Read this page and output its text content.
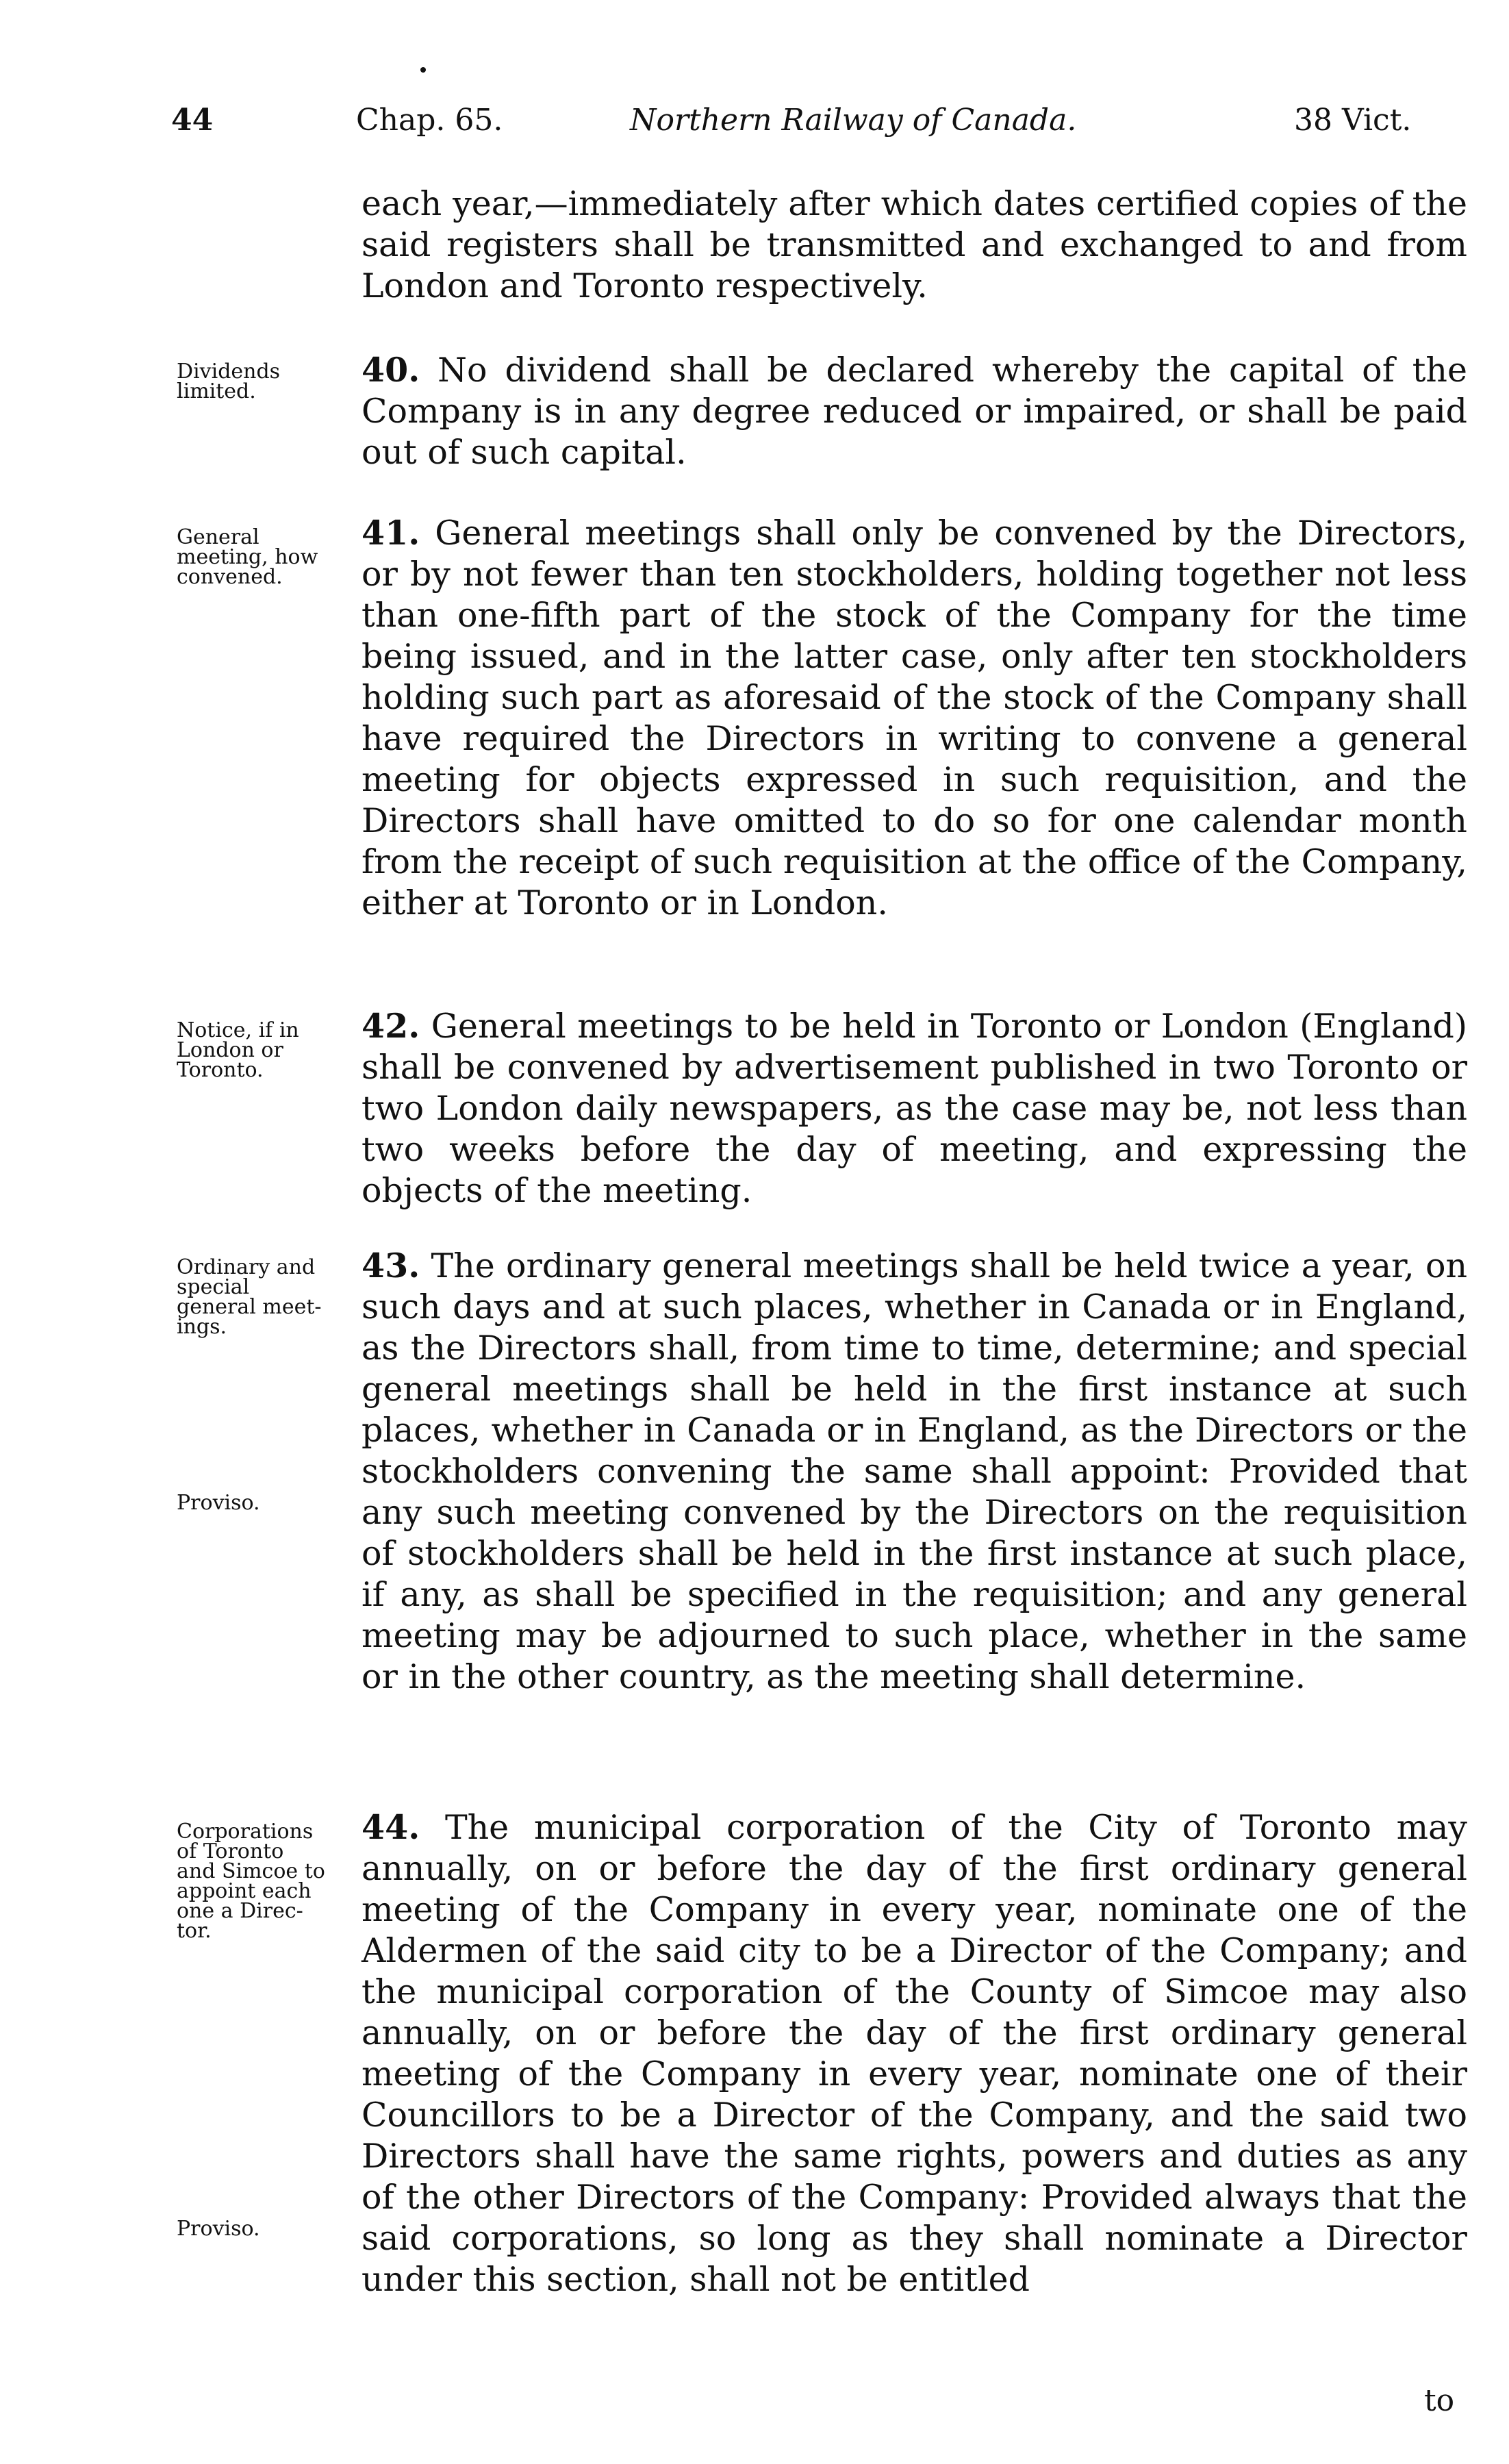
44	Chap. 65.	Northern Railway of Canada.	38 Vict.

each year,—immediately after which dates certified copies of the said registers shall be transmitted and exchanged to and from London and Toronto respectively.

Dividends
limited.

40. No dividend shall be declared whereby the capital of the Company is in any degree reduced or impaired, or shall be paid out of such capital.

General
meeting, how
convened.

41. General meetings shall only be convened by the Directors, or by not fewer than ten stockholders, holding together not less than one-fifth part of the stock of the Company for the time being issued, and in the latter case, only after ten stockholders holding such part as aforesaid of the stock of the Company shall have required the Directors in writing to convene a general meeting for objects expressed in such requisition, and the Directors shall have omitted to do so for one calendar month from the receipt of such requisition at the office of the Company, either at Toronto or in London.

Notice, if in
London or
Toronto.

42. General meetings to be held in Toronto or London (England) shall be convened by advertisement published in two Toronto or two London daily newspapers, as the case may be, not less than two weeks before the day of meeting, and expressing the objects of the meeting.

Ordinary and
special
general meet-
ings.
Proviso.

43. The ordinary general meetings shall be held twice a year, on such days and at such places, whether in Canada or in England, as the Directors shall, from time to time, determine; and special general meetings shall be held in the first instance at such places, whether in Canada or in England, as the Directors or the stockholders convening the same shall appoint: Provided that any such meeting convened by the Directors on the requisition of stockholders shall be held in the first instance at such place, if any, as shall be specified in the requisition; and any general meeting may be adjourned to such place, whether in the same or in the other country, as the meeting shall determine.

Corporations
of Toronto
and Simcoe to
appoint each
one a Direc-
tor.
Proviso.

44. The municipal corporation of the City of Toronto may annually, on or before the day of the first ordinary general meeting of the Company in every year, nominate one of the Aldermen of the said city to be a Director of the Company; and the municipal corporation of the County of Simcoe may also annually, on or before the day of the first ordinary general meeting of the Company in every year, nominate one of their Councillors to be a Director of the Company, and the said two Directors shall have the same rights, powers and duties as any of the other Directors of the Company: Provided always that the said corporations, so long as they shall nominate a Director under this section, shall not be entitled

to
